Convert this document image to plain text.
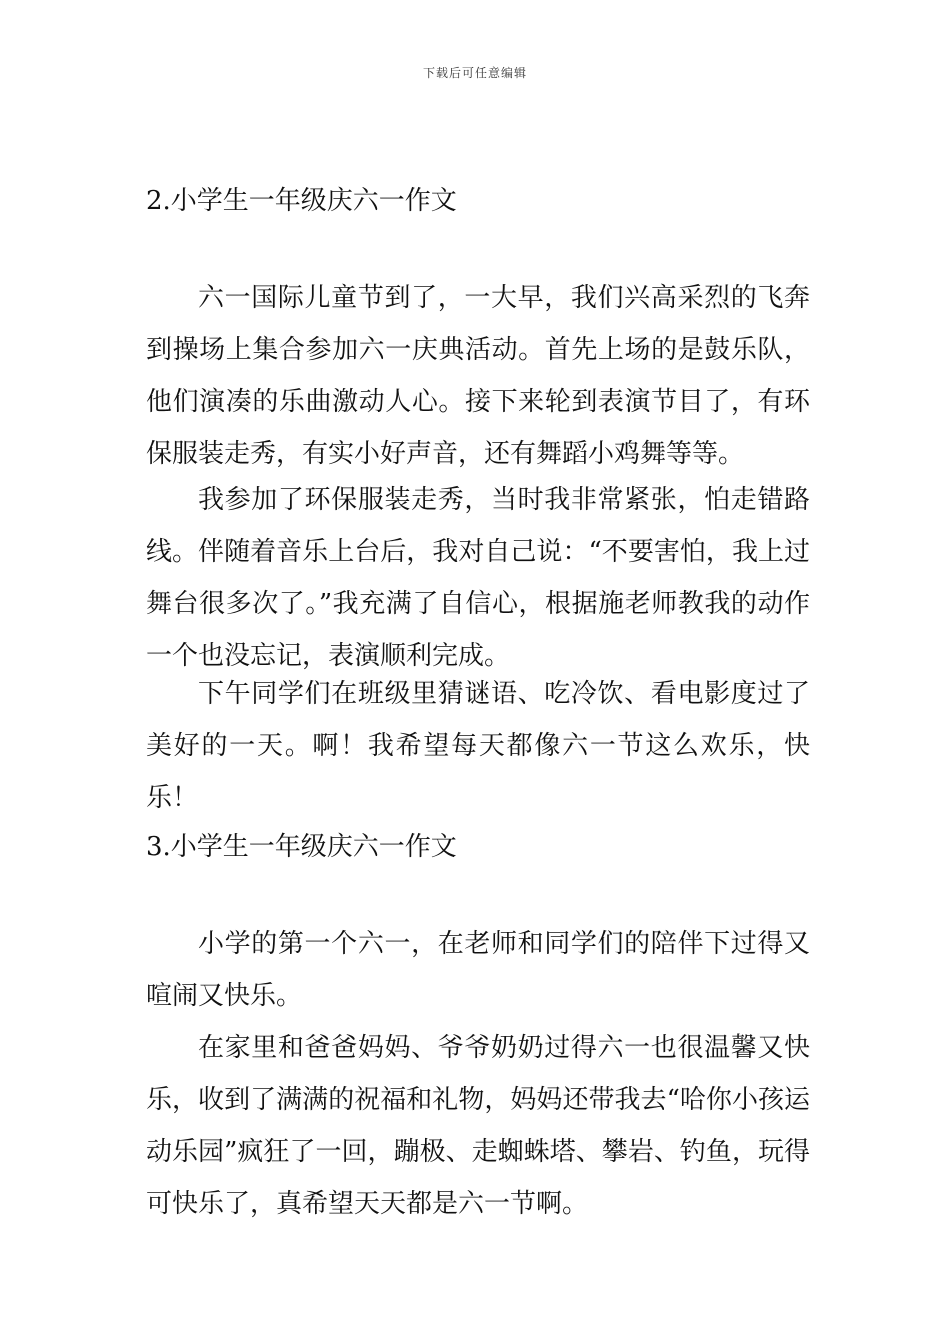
下载后可任意编辑
2.小学生一年级庆六一作文

六一国际儿童节到了，一大早，我们兴高采烈的飞奔到操场上集合参加六一庆典活动。首先上场的是鼓乐队，他们演凑的乐曲激动人心。接下来轮到表演节目了，有环保服装走秀，有实小好声音，还有舞蹈小鸡舞等等。

我参加了环保服装走秀，当时我非常紧张，怕走错路线。伴随着音乐上台后，我对自己说：“不要害怕，我上过舞台很多次了。”我充满了自信心，根据施老师教我的动作一个也没忘记，表演顺利完成。

下午同学们在班级里猜谜语、吃冷饮、看电影度过了美好的一天。啊！我希望每天都像六一节这么欢乐，快乐！

3.小学生一年级庆六一作文

小学的第一个六一，在老师和同学们的陪伴下过得又喧闹又快乐。

在家里和爸爸妈妈、爷爷奶奶过得六一也很温馨又快乐，收到了满满的祝福和礼物，妈妈还带我去“哈你小孩运动乐园”疯狂了一回，蹦极、走蜘蛛塔、攀岩、钓鱼，玩得可快乐了，真希望天天都是六一节啊。
